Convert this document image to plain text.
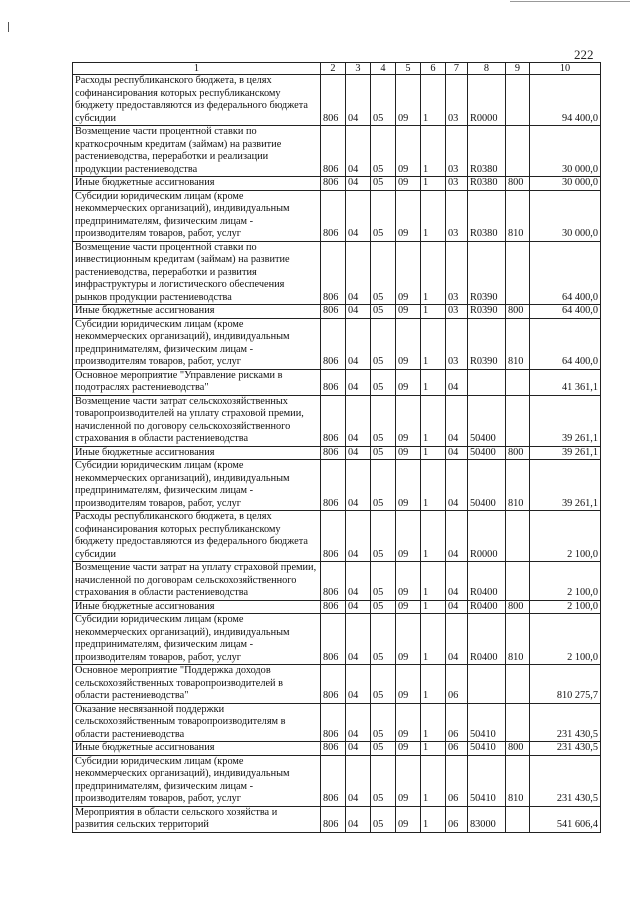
222
1	2	3	4	5	6	7	8	9	10
Расходы республиканского бюджета, в целях софинансирования которых республиканскому бюджету предоставляются из федерального бюджета субсидии	806	04	05	09	1	03	R0000		94 400,0
Возмещение части процентной ставки по краткосрочным кредитам (займам) на развитие растениеводства, переработки и реализации продукции растениеводства	806	04	05	09	1	03	R0380		30 000,0
Иные бюджетные ассигнования	806	04	05	09	1	03	R0380	800	30 000,0
Субсидии юридическим лицам (кроме некоммерческих организаций), индивидуальным предпринимателям, физическим лицам - производителям товаров, работ, услуг	806	04	05	09	1	03	R0380	810	30 000,0
Возмещение части процентной ставки по инвестиционным кредитам (займам) на развитие растениеводства, переработки и развития инфраструктуры и логистического обеспечения рынков продукции растениеводства	806	04	05	09	1	03	R0390		64 400,0
Иные бюджетные ассигнования	806	04	05	09	1	03	R0390	800	64 400,0
Субсидии юридическим лицам (кроме некоммерческих организаций), индивидуальным предпринимателям, физическим лицам - производителям товаров, работ, услуг	806	04	05	09	1	03	R0390	810	64 400,0
Основное мероприятие "Управление рисками в подотраслях растениеводства"	806	04	05	09	1	04			41 361,1
Возмещение части затрат сельскохозяйственных товаропроизводителей на уплату страховой премии, начисленной по договору сельскохозяйственного страхования в области растениеводства	806	04	05	09	1	04	50400		39 261,1
Иные бюджетные ассигнования	806	04	05	09	1	04	50400	800	39 261,1
Субсидии юридическим лицам (кроме некоммерческих организаций), индивидуальным предпринимателям, физическим лицам - производителям товаров, работ, услуг	806	04	05	09	1	04	50400	810	39 261,1
Расходы республиканского бюджета, в целях софинансирования которых республиканскому бюджету предоставляются из федерального бюджета субсидии	806	04	05	09	1	04	R0000		2 100,0
Возмещение части затрат на уплату страховой премии, начисленной по договорам сельскохозяйственного страхования в области растениеводства	806	04	05	09	1	04	R0400		2 100,0
Иные бюджетные ассигнования	806	04	05	09	1	04	R0400	800	2 100,0
Субсидии юридическим лицам (кроме некоммерческих организаций), индивидуальным предпринимателям, физическим лицам - производителям товаров, работ, услуг	806	04	05	09	1	04	R0400	810	2 100,0
Основное мероприятие "Поддержка доходов сельскохозяйственных товаропроизводителей в области растениеводства"	806	04	05	09	1	06			810 275,7
Оказание несвязанной поддержки сельскохозяйственным товаропроизводителям в области растениеводства	806	04	05	09	1	06	50410		231 430,5
Иные бюджетные ассигнования	806	04	05	09	1	06	50410	800	231 430,5
Субсидии юридическим лицам (кроме некоммерческих организаций), индивидуальным предпринимателям, физическим лицам - производителям товаров, работ, услуг	806	04	05	09	1	06	50410	810	231 430,5
Мероприятия в области сельского хозяйства и развития сельских территорий	806	04	05	09	1	06	83000		541 606,4
